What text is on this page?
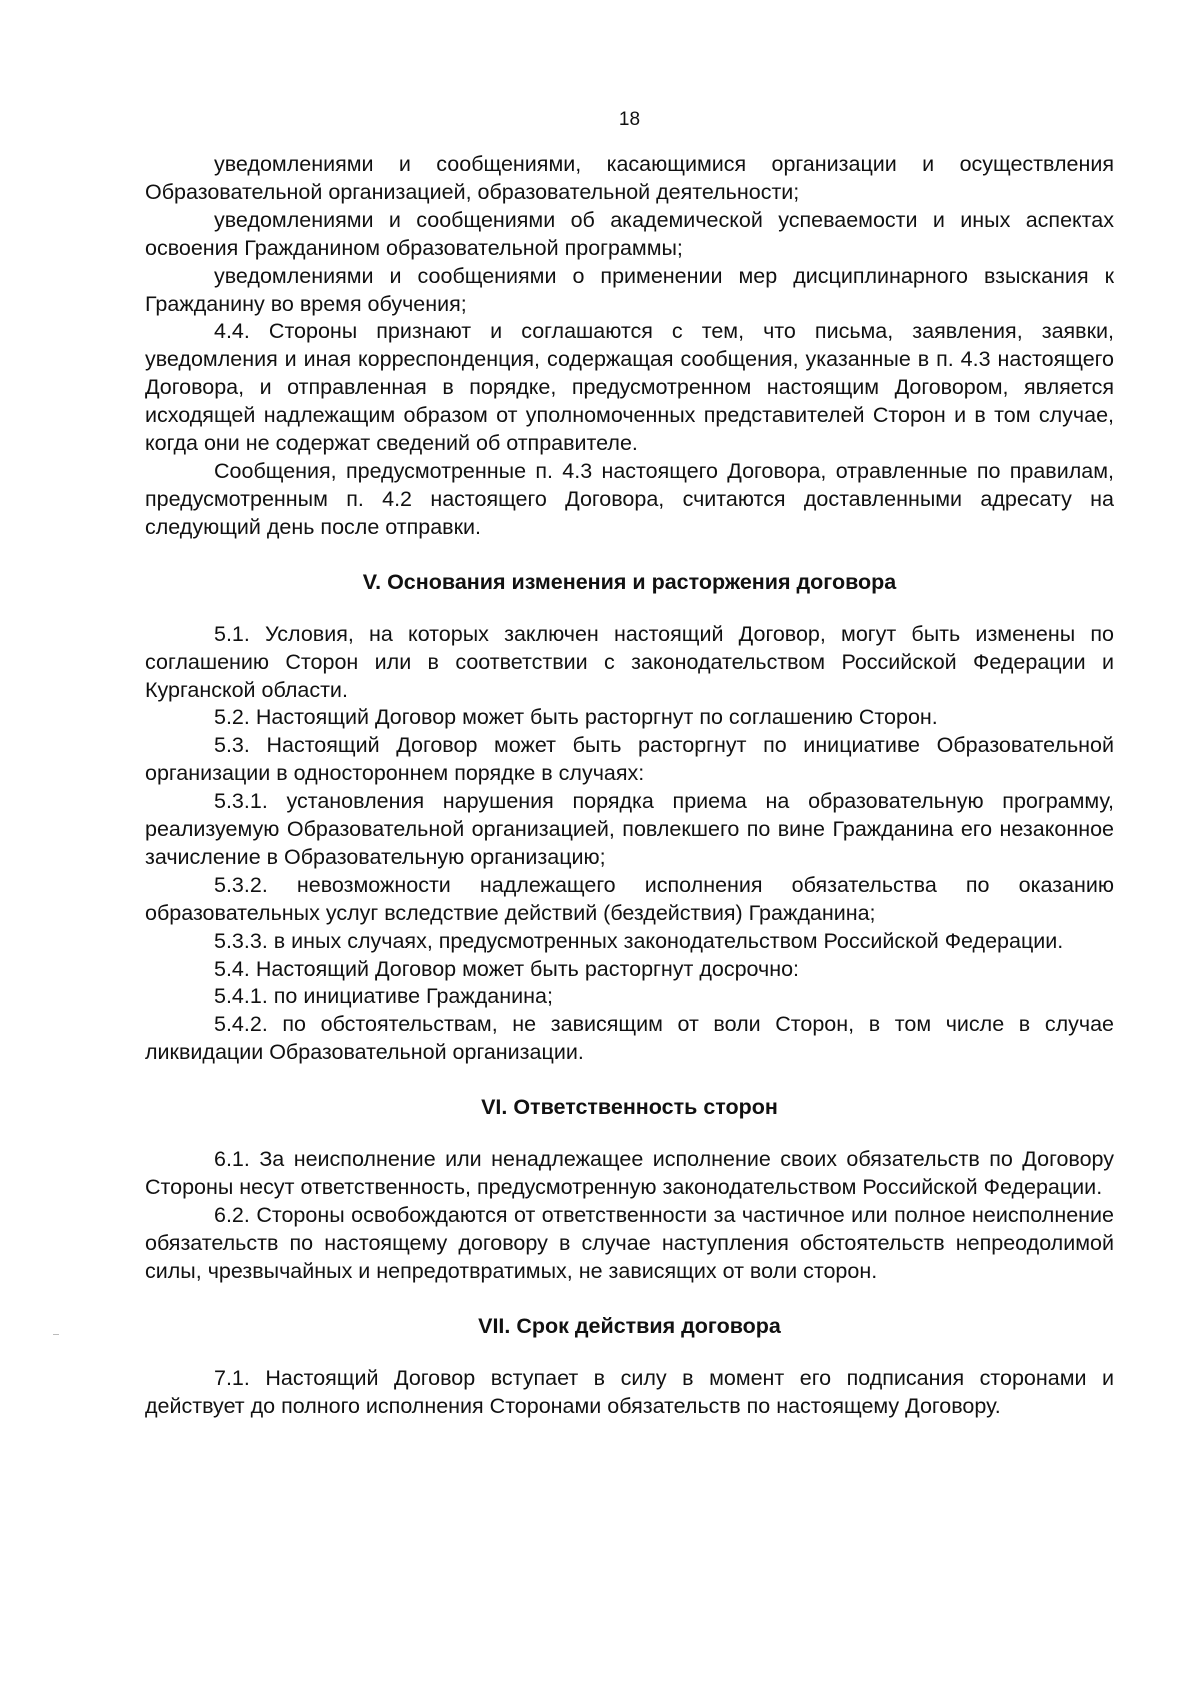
18

уведомлениями и сообщениями, касающимися организации и осуществления Образовательной организацией, образовательной деятельности;

уведомлениями и сообщениями об академической успеваемости и иных аспектах освоения Гражданином образовательной программы;

уведомлениями и сообщениями о применении мер дисциплинарного взыскания к Гражданину во время обучения;

4.4. Стороны признают и соглашаются с тем, что письма, заявления, заявки, уведомления и иная корреспонденция, содержащая сообщения, указанные в п. 4.3 настоящего Договора, и отправленная в порядке, предусмотренном настоящим Договором, является исходящей надлежащим образом от уполномоченных представителей Сторон и в том случае, когда они не содержат сведений об отправителе.

Сообщения, предусмотренные п. 4.3 настоящего Договора, отравленные по правилам, предусмотренным п. 4.2 настоящего Договора, считаются доставленными адресату на следующий день после отправки.

V. Основания изменения и расторжения договора

5.1. Условия, на которых заключен настоящий Договор, могут быть изменены по соглашению Сторон или в соответствии с законодательством Российской Федерации и Курганской области.

5.2. Настоящий Договор может быть расторгнут по соглашению Сторон.

5.3. Настоящий Договор может быть расторгнут по инициативе Образовательной организации в одностороннем порядке в случаях:

5.3.1. установления нарушения порядка приема на образовательную программу, реализуемую Образовательной организацией, повлекшего по вине Гражданина его незаконное зачисление в Образовательную организацию;

5.3.2. невозможности надлежащего исполнения обязательства по оказанию образовательных услуг вследствие действий (бездействия) Гражданина;

5.3.3. в иных случаях, предусмотренных законодательством Российской Федерации.

5.4. Настоящий Договор может быть расторгнут досрочно:

5.4.1. по инициативе Гражданина;

5.4.2. по обстоятельствам, не зависящим от воли Сторон, в том числе в случае ликвидации Образовательной организации.

VI. Ответственность сторон

6.1. За неисполнение или ненадлежащее исполнение своих обязательств по Договору Стороны несут ответственность, предусмотренную законодательством Российской Федерации.

6.2. Стороны освобождаются от ответственности за частичное или полное неисполнение обязательств по настоящему договору в случае наступления обстоятельств непреодолимой силы, чрезвычайных и непредотвратимых, не зависящих от воли сторон.

VII. Срок действия договора

7.1. Настоящий Договор вступает в силу в момент его подписания сторонами и действует до полного исполнения Сторонами обязательств по настоящему Договору.
